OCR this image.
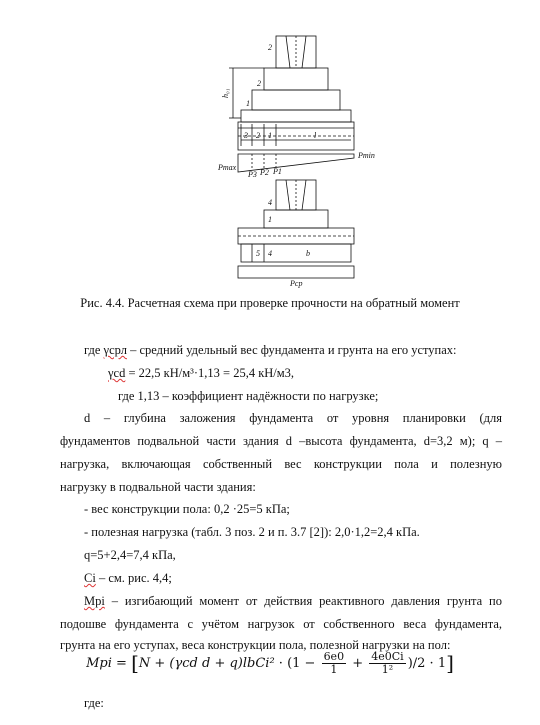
h₀₁
2
2
1
3 2 1	l
Pmax
Pmin
P3 P2 P1
4
1
5 4	b
Pcp
Рис. 4.4. Расчетная схема при проверке прочности на обратный момент
где γсрл – средний удельный вес фундамента и грунта на его уступах:
γcd = 22,5 кН/м³·1,13 = 25,4 кН/м3,
где 1,13 – коэффициент надёжности по нагрузке;
d – глубина заложения фундамента от уровня планировки (для
фундаментов подвальной части здания d –высота фундамента, d=3,2 м); q –
нагрузка, включающая собственный вес конструкции пола и полезную
нагрузку в подвальной части здания:
- вес конструкции пола: 0,2 ·25=5 кПа;
- полезная нагрузка (табл. 3 поз. 2 и п. 3.7 [2]): 2,0·1,2=2,4 кПа.
q=5+2,4=7,4 кПа,
Ci – см. рис. 4,4;
Mpi – изгибающий момент от действия реактивного давления грунта по
подошве фундамента с учётом нагрузок от собственного веса фундамента,
грунта на его уступах, веса конструкции пола, полезной нагрузки на пол:
Mpi = [N + (γcd d + q)lbCi² · $(1 - \frac{6e0}{1} + \frac{4e0Ci}{\text{1²}} )/2 \cdot 1$]
где:
